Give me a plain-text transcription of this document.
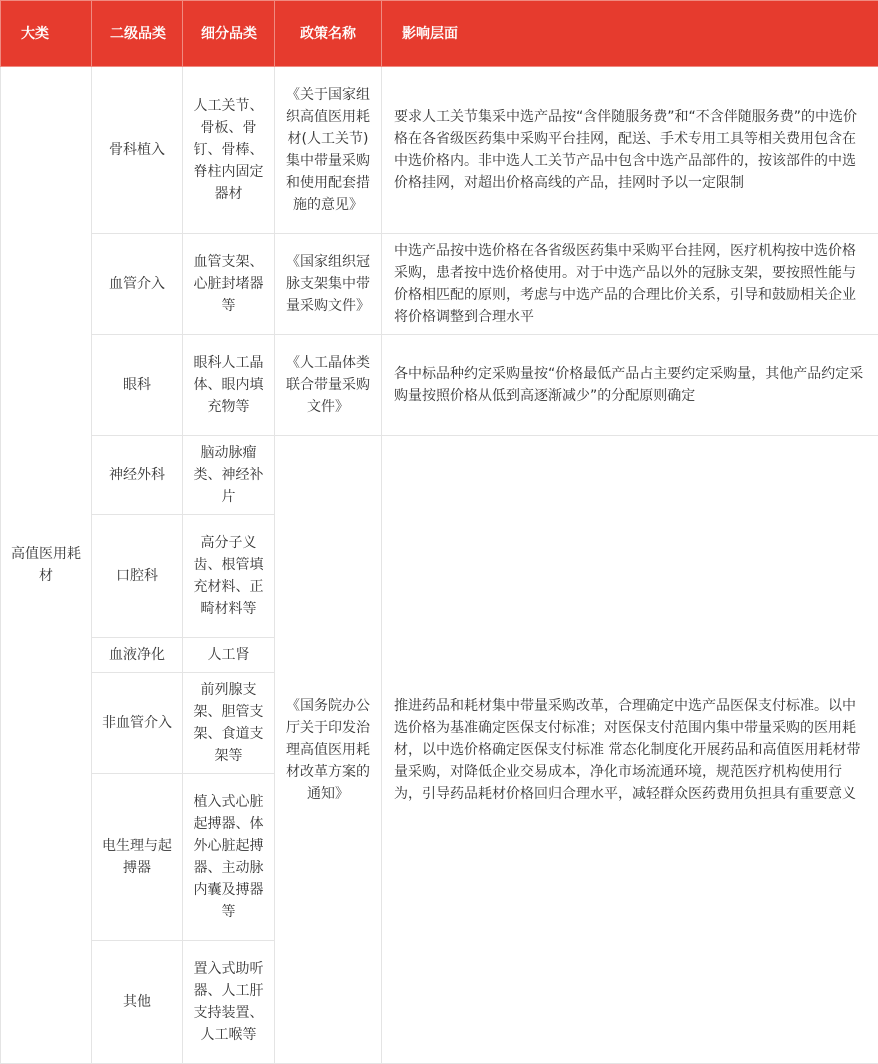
大类	二级品类	细分品类	政策名称	影响层面
高值医用耗材	骨科植入	人工关节、骨板、骨钉、骨棒、脊柱内固定器材	《关于国家组织高值医用耗材(人工关节)集中带量采购和使用配套措施的意见》	要求人工关节集采中选产品按“含伴随服务费”和“不含伴随服务费”的中选价格在各省级医药集中采购平台挂网，配送、手术专用工具等相关费用包含在中选价格内。非中选人工关节产品中包含中选产品部件的，按该部件的中选价格挂网，对超出价格高线的产品，挂网时予以一定限制
	血管介入	血管支架、心脏封堵器等	《国家组织冠脉支架集中带量采购文件》	中选产品按中选价格在各省级医药集中采购平台挂网，医疗机构按中选价格采购，患者按中选价格使用。对于中选产品以外的冠脉支架，要按照性能与价格相匹配的原则，考虑与中选产品的合理比价关系，引导和鼓励相关企业将价格调整到合理水平
	眼科	眼科人工晶体、眼内填充物等	《人工晶体类联合带量采购文件》	各中标品种约定采购量按“价格最低产品占主要约定采购量，其他产品约定采购量按照价格从低到高逐渐减少”的分配原则确定
	神经外科	脑动脉瘤类、神经补片	《国务院办公厅关于印发治理高值医用耗材改革方案的通知》	推进药品和耗材集中带量采购改革，合理确定中选产品医保支付标准。以中选价格为基准确定医保支付标准；对医保支付范围内集中带量采购的医用耗材，以中选价格确定医保支付标准 常态化制度化开展药品和高值医用耗材带量采购，对降低企业交易成本，净化市场流通环境，规范医疗机构使用行为，引导药品耗材价格回归合理水平，减轻群众医药费用负担具有重要意义
	口腔科	高分子义齿、根管填充材料、正畸材料等		
	血液净化	人工肾		
	非血管介入	前列腺支架、胆管支架、食道支架等		
	电生理与起搏器	植入式心脏起搏器、体外心脏起搏器、主动脉内囊及搏器等		
	其他	置入式助听器、人工肝支持装置、人工喉等		
